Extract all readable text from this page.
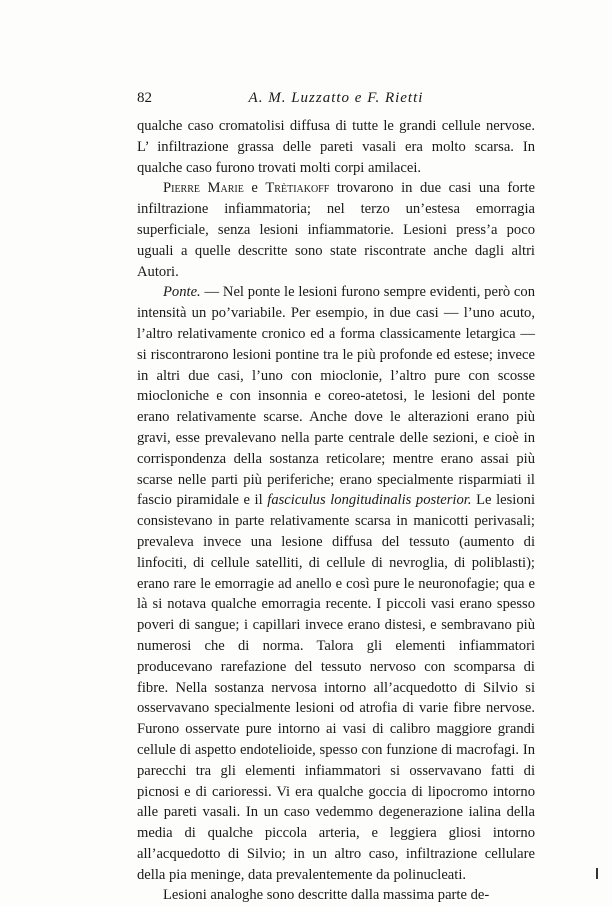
82	A. M. Luzzatto e F. Rietti

qualche caso cromatolisi diffusa di tutte le grandi cellule nervose. L’ infiltrazione grassa delle pareti vasali era molto scarsa. In qualche caso furono trovati molti corpi amilacei.

Pierre Marie e Trètiakoff trovarono in due casi una forte infiltrazione infiammatoria; nel terzo un’estesa emorragia superficiale, senza lesioni infiammatorie. Lesioni press’a poco uguali a quelle descritte sono state riscontrate anche dagli altri Autori.

Ponte. — Nel ponte le lesioni furono sempre evidenti, però con intensità un po’variabile. Per esempio, in due casi — l’uno acuto, l’altro relativamente cronico ed a forma classicamente letargica — si riscontrarono lesioni pontine tra le più profonde ed estese; invece in altri due casi, l’uno con mioclonie, l’altro pure con scosse miocloniche e con insonnia e coreo-atetosi, le lesioni del ponte erano relativamente scarse. Anche dove le alterazioni erano più gravi, esse prevalevano nella parte centrale delle sezioni, e cioè in corrispondenza della sostanza reticolare; mentre erano assai più scarse nelle parti più periferiche; erano specialmente risparmiati il fascio piramidale e il fasciculus longitudinalis posterior. Le lesioni consistevano in parte relativamente scarsa in manicotti perivasali; prevaleva invece una lesione diffusa del tessuto (aumento di linfociti, di cellule satelliti, di cellule di nevroglia, di poliblasti); erano rare le emorragie ad anello e così pure le neuronofagie; qua e là si notava qualche emorragia recente. I piccoli vasi erano spesso poveri di sangue; i capillari invece erano distesi, e sembravano più numerosi che di norma. Talora gli elementi infiammatori producevano rarefazione del tessuto nervoso con scomparsa di fibre. Nella sostanza nervosa intorno all’acquedotto di Silvio si osservavano specialmente lesioni od atrofia di varie fibre nervose. Furono osservate pure intorno ai vasi di calibro maggiore grandi cellule di aspetto endotelioide, spesso con funzione di macrofagi. In parecchi tra gli elementi infiammatori si osservavano fatti di picnosi e di carioressi. Vi era qualche goccia di lipocromo intorno alle pareti vasali. In un caso vedemmo degenerazione ialina della media di qualche piccola arteria, e leggiera gliosi intorno all’acquedotto di Silvio; in un altro caso, infiltrazione cellulare della pia meninge, data prevalentemente da polinucleati.

Lesioni analoghe sono descritte dalla massima parte de-
